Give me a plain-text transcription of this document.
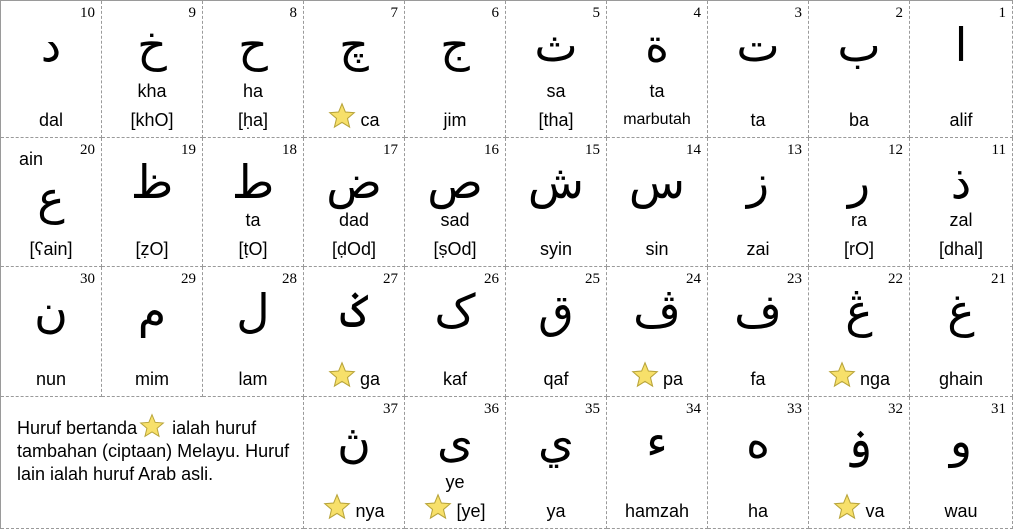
10
د
dal
9
خ
kha
[khO]
8
ح
ha
[ḥa]
7
چ
ca
6
ج
jim
5
ث
sa
[tha]
4
ة
ta
marbutah
3
ت
ta
2
ب
ba
1
ا
alif
20
ع
ain
[ʕain]
19
ظ
[ẓO]
18
ط
ta
[ṭO]
17
ض
dad
[ḍOd]
16
ص
sad
[ṣOd]
15
ش
syin
14
س
sin
13
ز
zai
12
ر
ra
[rO]
11
ذ
zal
[dhal]
30
ن
nun
29
م
mim
28
ل
lam
27
ݢ
ga
26
ک
kaf
25
ق
qaf
24
ڤ
pa
23
ف
fa
22
ڠ
nga
21
غ
ghain
37
ڽ
nya
36
ى
ye
[ye]
35
ي
ya
34
ء
hamzah
33
ه
ha
32
ۏ
va
31
و
wau
Huruf bertanda ialah huruf tambahan (ciptaan) Melayu. Huruf lain ialah huruf Arab asli.
